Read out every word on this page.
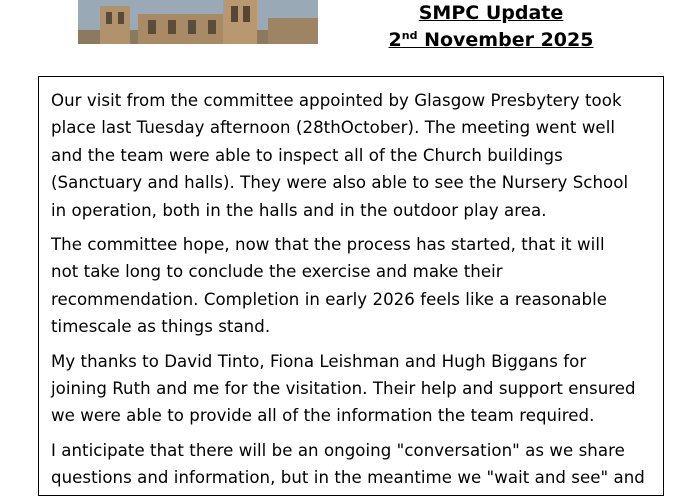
SMPC Update
2nd November 2025

Our visit from the committee appointed by Glasgow Presbytery took
place last Tuesday afternoon (28thOctober). The meeting went well
and the team were able to inspect all of the Church buildings
(Sanctuary and halls). They were also able to see the Nursery School
in operation, both in the halls and in the outdoor play area.

The committee hope, now that the process has started, that it will
not take long to conclude the exercise and make their
recommendation. Completion in early 2026 feels like a reasonable
timescale as things stand.

My thanks to David Tinto, Fiona Leishman and Hugh Biggans for
joining Ruth and me for the visitation. Their help and support ensured
we were able to provide all of the information the team required.

I anticipate that there will be an ongoing "conversation" as we share
questions and information, but in the meantime we "wait and see" and
